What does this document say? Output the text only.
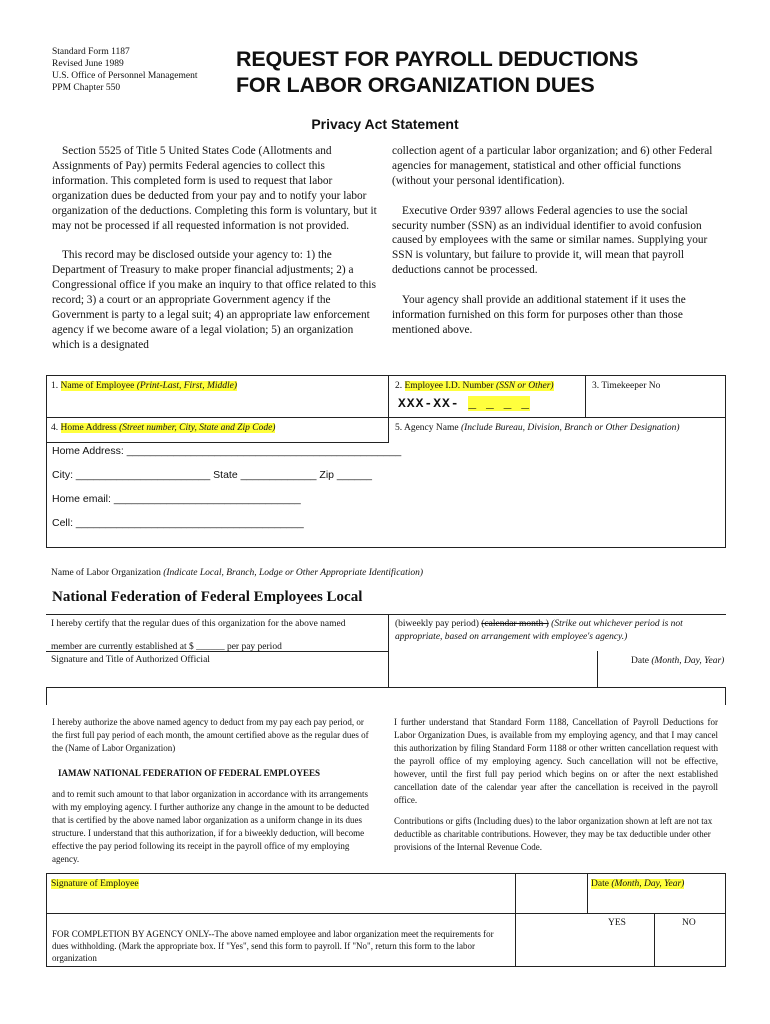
Standard Form 1187
Revised June 1989
U.S. Office of Personnel Management
PPM Chapter 550
REQUEST FOR PAYROLL DEDUCTIONS
FOR LABOR ORGANIZATION DUES
Privacy Act Statement

Section 5525 of Title 5 United States Code (Allotments and Assignments of Pay) permits Federal agencies to collect this information. This completed form is used to request that labor organization dues be deducted from your pay and to notify your labor organization of the deductions. Completing this form is voluntary, but it may not be processed if all requested information is not provided.

This record may be disclosed outside your agency to: 1) the Department of Treasury to make proper financial adjustments; 2) a Congressional office if you make an inquiry to that office related to this record; 3) a court or an appropriate Government agency if the Government is party to a legal suit; 4) an appropriate law enforcement agency if we become aware of a legal violation; 5) an organization which is a designated

collection agent of a particular labor organization; and 6) other Federal agencies for management, statistical and other official functions (without your personal identification).

Executive Order 9397 allows Federal agencies to use the social security number (SSN) as an individual identifier to avoid confusion caused by employees with the same or similar names. Supplying your SSN is voluntary, but failure to provide it, will mean that payroll deductions cannot be processed.

Your agency shall provide an additional statement if it uses the information furnished on this form for purposes other than those mentioned above.

1. Name of Employee (Print-Last, First, Middle)	2. Employee I.D. Number (SSN or Other)
XXX-XX- _ _ _ _
3. Timekeeper No
4. Home Address (Street number, City, State and Zip Code)	5. Agency Name (Include Bureau, Division, Branch or Other Designation)
Home Address: _______________________________________________
City: _______________________ State _____________ Zip ______
Home email: ________________________________
Cell: _______________________________________
Name of Labor Organization (Indicate Local, Branch, Lodge or Other Appropriate Identification)
National Federation of Federal Employees Local
I hereby certify that the regular dues of this organization for the above named
member are currently established at $ ______ per pay period
Signature and Title of Authorized Official
(biweekly pay period) (calendar month ) (Strike out whichever period is not appropriate, based on arrangement with employee's agency.)
Date (Month, Day, Year)
I hereby authorize the above named agency to deduct from my pay each pay period, or the first full pay period of each month, the amount certified above as the regular dues of the (Name of Labor Organization)
IAMAW NATIONAL FEDERATION OF FEDERAL EMPLOYEES
and to remit such amount to that labor organization in accordance with its arrangements with my employing agency. I further authorize any change in the amount to be deducted that is certified by the above named labor organization as a uniform change in its dues structure. I understand that this authorization, if for a biweekly deduction, will become effective the pay period following its receipt in the payroll office of my employing agency.
I further understand that Standard Form 1188, Cancellation of Payroll Deductions for Labor Organization Dues, is available from my employing agency, and that I may cancel this authorization by filing Standard Form 1188 or other written cancellation request with the payroll office of my employing agency. Such cancellation will not be effective, however, until the first full pay period which begins on or after the next established cancellation date of the calendar year after the cancellation is received in the payroll office.
Contributions or gifts (Including dues) to the labor organization shown at left are not tax deductible as charitable contributions. However, they may be tax deductible under other provisions of the Internal Revenue Code.
Signature of Employee	Date (Month, Day, Year)
YES	NO
FOR COMPLETION BY AGENCY ONLY--The above named employee and labor organization meet the requirements for dues withholding. (Mark the appropriate box. If "Yes", send this form to payroll. If "No", return this form to the labor organization
